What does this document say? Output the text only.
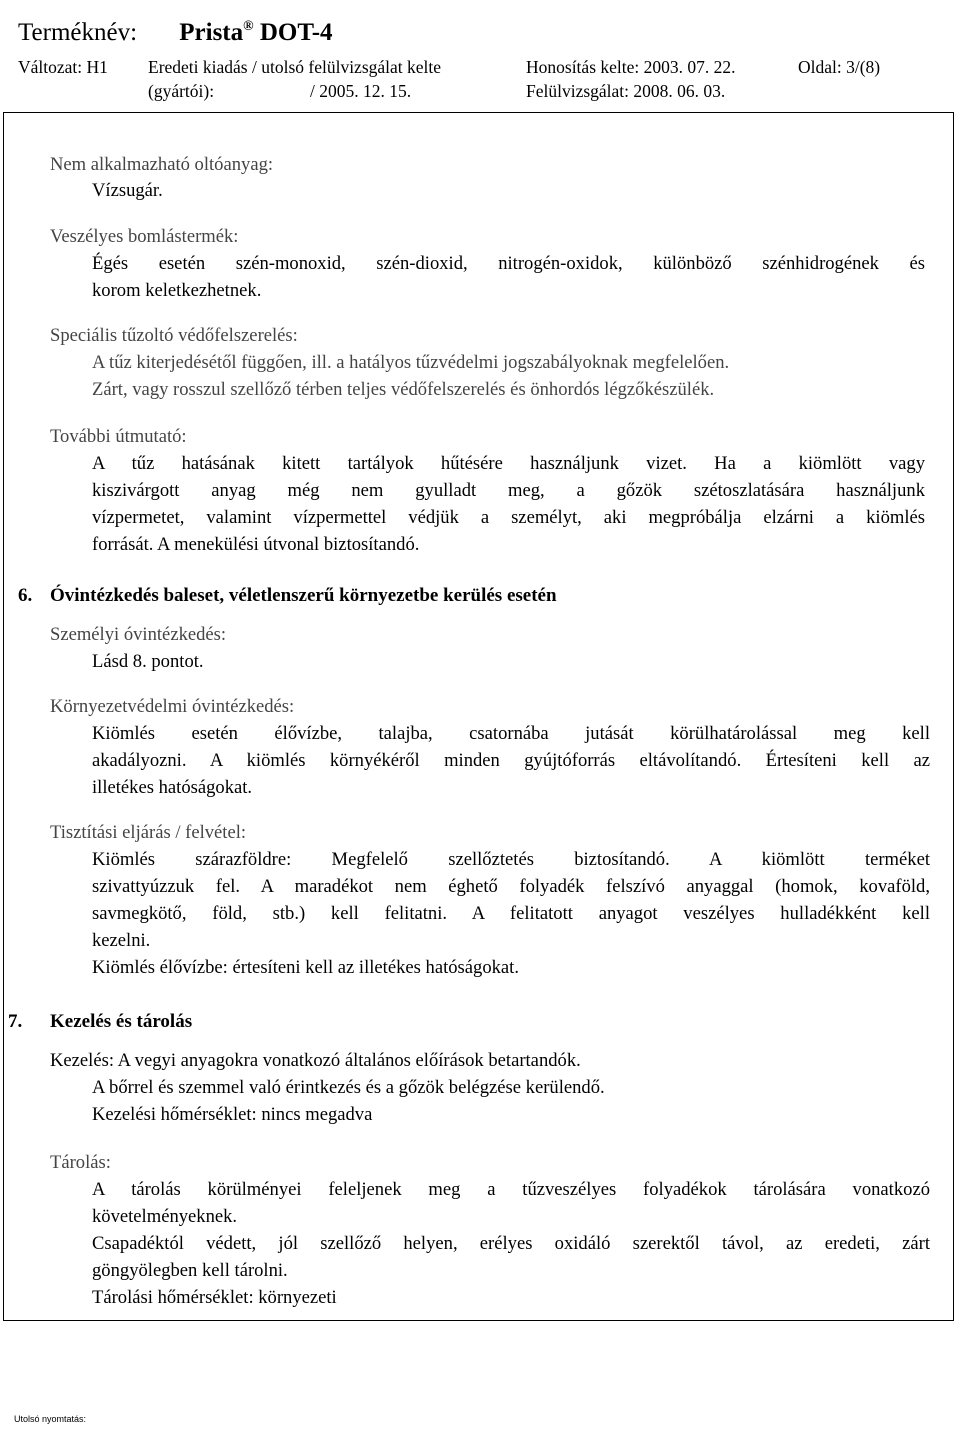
Terméknév: Prista® DOT-4
Változat: H1 Eredeti kiadás / utolsó felülvizsgálat kelte	Honosítás kelte: 2003. 07. 22.	Oldal: 3/(8)
(gyártói):	/ 2005. 12. 15.	Felülvizsgálat: 2008. 06. 03.
Nem alkalmazható oltóanyag:
Vízsugár.
Veszélyes bomlástermék:
Égés esetén szén-monoxid, szén-dioxid, nitrogén-oxidok, különböző szénhidrogének és
korom keletkezhetnek.
Speciális tűzoltó védőfelszerelés:
A tűz kiterjedésétől függően, ill. a hatályos tűzvédelmi jogszabályoknak megfelelően.
Zárt, vagy rosszul szellőző térben teljes védőfelszerelés és önhordós légzőkészülék.
További útmutató:
A tűz hatásának kitett tartályok hűtésére használjunk vizet. Ha a kiömlött vagy
kiszivárgott anyag még nem gyulladt meg, a gőzök szétoszlatására használjunk
vízpermetet, valamint vízpermettel védjük a személyt, aki megpróbálja elzárni a kiömlés
forrását. A menekülési útvonal biztosítandó.
6. Óvintézkedés baleset, véletlenszerű környezetbe kerülés esetén
Személyi óvintézkedés:
Lásd 8. pontot.
Környezetvédelmi óvintézkedés:
Kiömlés esetén élővízbe, talajba, csatornába jutását körülhatárolással meg kell
akadályozni. A kiömlés környékéről minden gyújtóforrás eltávolítandó. Értesíteni kell az
illetékes hatóságokat.
Tisztítási eljárás / felvétel:
Kiömlés szárazföldre: Megfelelő szellőztetés biztosítandó. A kiömlött terméket
szivattyúzzuk fel. A maradékot nem éghető folyadék felszívó anyaggal (homok, kovaföld,
savmegkötő, föld, stb.) kell felitatni. A felitatott anyagot veszélyes hulladékként kell
kezelni.
Kiömlés élővízbe: értesíteni kell az illetékes hatóságokat.
7. Kezelés és tárolás
Kezelés: A vegyi anyagokra vonatkozó általános előírások betartandók.
A bőrrel és szemmel való érintkezés és a gőzök belégzése kerülendő.
Kezelési hőmérséklet: nincs megadva
Tárolás:
A tárolás körülményei feleljenek meg a tűzveszélyes folyadékok tárolására vonatkozó
követelményeknek.
Csapadéktól védett, jól szellőző helyen, erélyes oxidáló szerektől távol, az eredeti, zárt
göngyölegben kell tárolni.
Tárolási hőmérséklet: környezeti
Utolsó nyomtatás:
